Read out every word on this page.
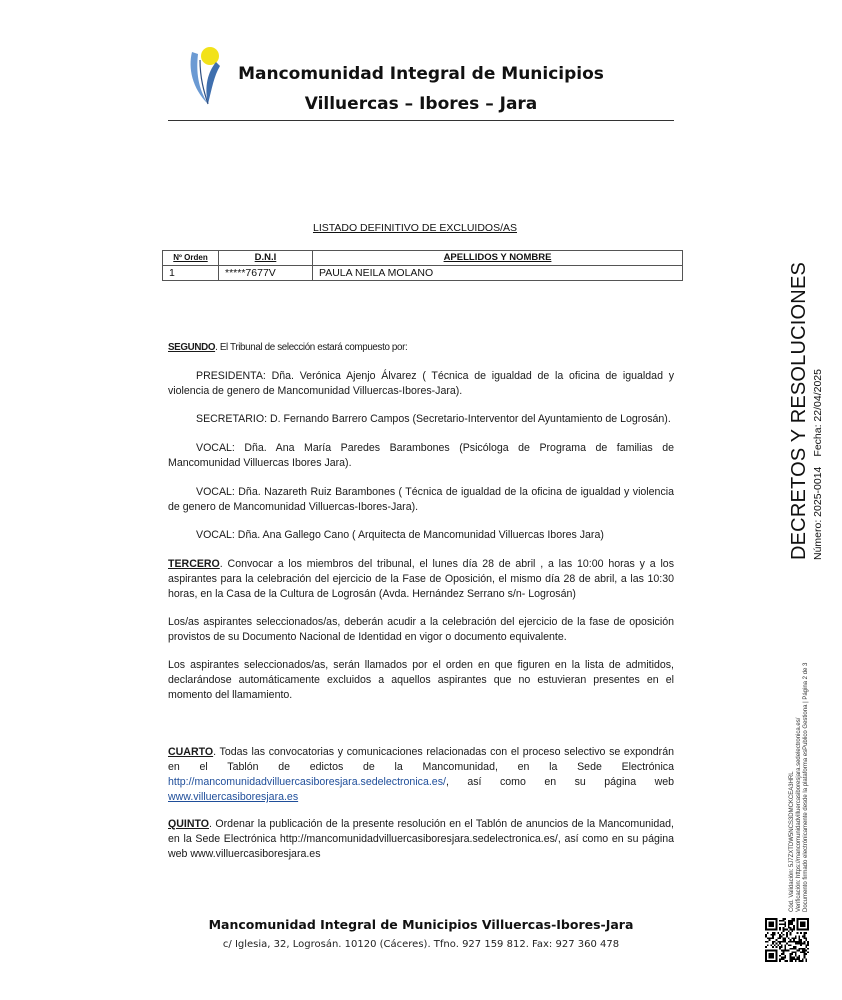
Mancomunidad Integral de Municipios
Villuercas – Ibores – Jara
LISTADO DEFINITIVO DE EXCLUIDOS/AS
Nº Orden	D.N.I	APELLIDOS Y NOMBRE
1	*****7677V	PAULA NEILA MOLANO
SEGUNDO. El Tribunal de selección estará compuesto por:
PRESIDENTA: Dña. Verónica Ajenjo Álvarez ( Técnica de igualdad de la oficina de igualdad y violencia de genero de Mancomunidad Villuercas-Ibores-Jara).
SECRETARIO: D. Fernando Barrero Campos (Secretario-Interventor del Ayuntamiento de Logrosán).
VOCAL: Dña. Ana María Paredes Barambones (Psicóloga de Programa de familias de Mancomunidad Villuercas Ibores Jara).
VOCAL: Dña. Nazareth Ruiz Barambones ( Técnica de igualdad de la oficina de igualdad y violencia de genero de Mancomunidad Villuercas-Ibores-Jara).
VOCAL: Dña. Ana Gallego Cano ( Arquitecta de Mancomunidad Villuercas Ibores Jara)
TERCERO. Convocar a los miembros del tribunal, el lunes día 28 de abril , a las 10:00 horas y a los aspirantes para la celebración del ejercicio de la Fase de Oposición, el mismo día 28 de abril, a las 10:30 horas, en la Casa de la Cultura de Logrosán (Avda. Hernández Serrano s/n- Logrosán)
Los/as aspirantes seleccionados/as, deberán acudir a la celebración del ejercicio de la fase de oposición provistos de su Documento Nacional de Identidad en vigor o documento equivalente.
Los aspirantes seleccionados/as, serán llamados por el orden en que figuren en la lista de admitidos, declarándose automáticamente excluidos a aquellos aspirantes que no estuvieran presentes en el momento del llamamiento.
CUARTO. Todas las convocatorias y comunicaciones relacionadas con el proceso selectivo se expondrán en el Tablón de edictos de la Mancomunidad, en la Sede Electrónica http://mancomunidadvilluercasiboresjara.sedelectronica.es/, así como en su página web www.villuercasiboresjara.es
QUINTO. Ordenar la publicación de la presente resolución en el Tablón de anuncios de la Mancomunidad, en la Sede Electrónica http://mancomunidadvilluercasiboresjara.sedelectronica.es/, así como en su página web www.villuercasiboresjara.es
Mancomunidad Integral de Municipios Villuercas-Ibores-Jara
c/ Iglesia, 32, Logrosán. 10120 (Cáceres). Tfno. 927 159 812. Fax: 927 360 478
DECRETOS Y RESOLUCIONES Número: 2025-0014Fecha: 22/04/2025
Cód. Validación: 5J7ZXTDW5NCS3DMCKCEA3HRL Verificación: https://mancomunidadvilluercasiboresjara.sedelectronica.es/ Documento firmado electrónicamente desde la plataforma esPublico Gestiona | Página 2 de 3
